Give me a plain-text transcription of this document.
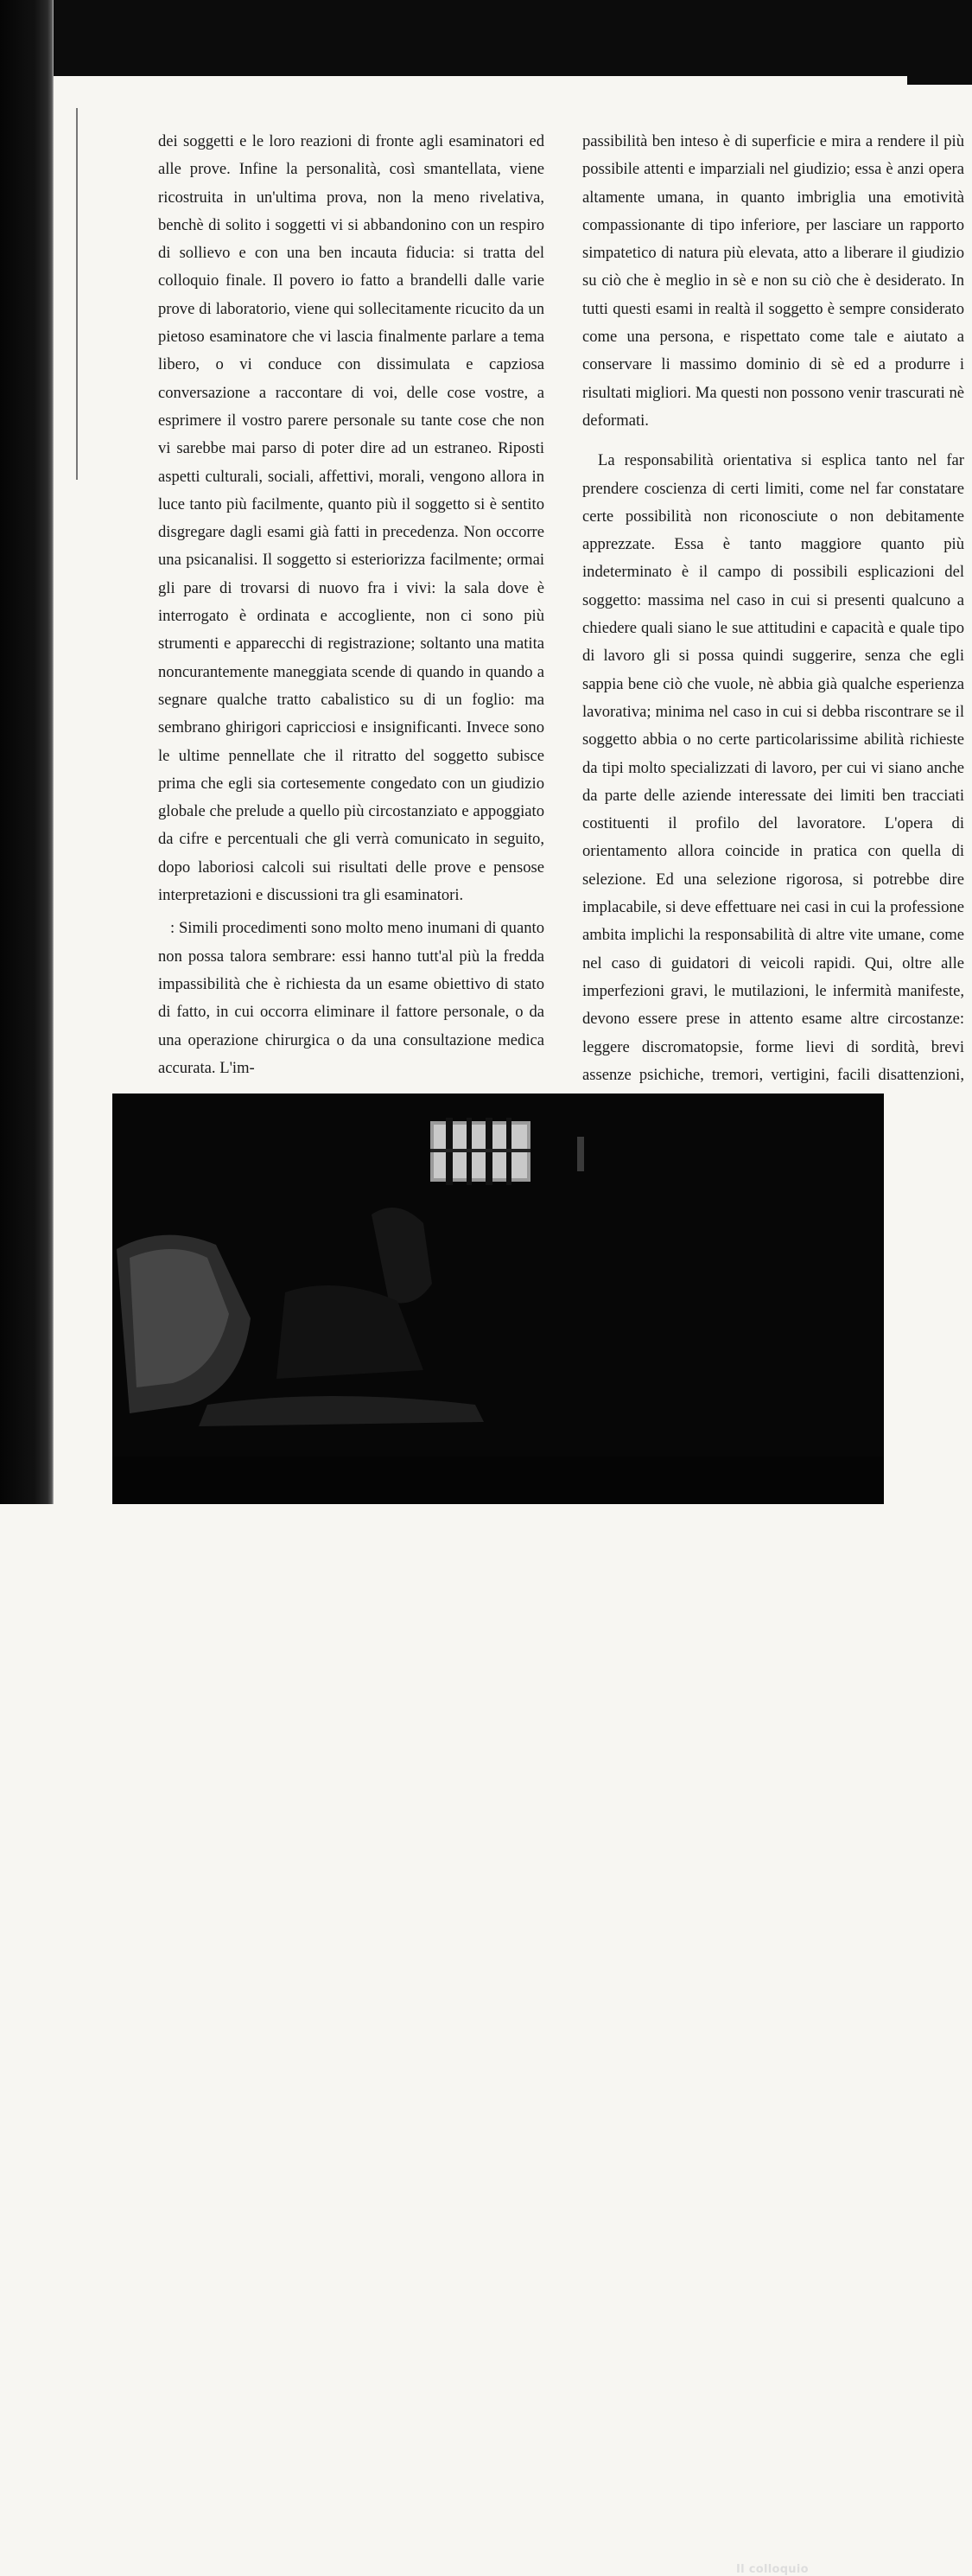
dei soggetti e le loro reazioni di fronte agli esaminatori ed alle prove. Infine la personalità, così smantellata, viene ricostruita in un'ultima prova, non la meno rivelativa, benchè di solito i soggetti vi si abbandonino con un respiro di sollievo e con una ben incauta fiducia: si tratta del colloquio finale. Il povero io fatto a brandelli dalle varie prove di laboratorio, viene qui sollecitamente ricucito da un pietoso esaminatore che vi lascia finalmente parlare a tema libero, o vi conduce con dissimulata e capziosa conversazione a raccontare di voi, delle cose vostre, a esprimere il vostro parere personale su tante cose che non vi sarebbe mai parso di poter dire ad un estraneo. Riposti aspetti culturali, sociali, affettivi, morali, vengono allora in luce tanto più facilmente, quanto più il soggetto si è sentito disgregare dagli esami già fatti in precedenza. Non occorre una psicanalisi. Il soggetto si esteriorizza facilmente; ormai gli pare di trovarsi di nuovo fra i vivi: la sala dove è interrogato è ordinata e accogliente, non ci sono più strumenti e apparecchi di registrazione; soltanto una matita noncurantemente maneggiata scende di quando in quando a segnare qualche tratto cabalistico su di un foglio: ma sembrano ghirigori capricciosi e insignificanti. Invece sono le ultime pennellate che il ritratto del soggetto subisce prima che egli sia cortesemente congedato con un giudizio globale che prelude a quello più circostanziato e appoggiato da cifre e percentuali che gli verrà comunicato in seguito, dopo laboriosi calcoli sui risultati delle prove e pensose interpretazioni e discussioni tra gli esaminatori.

: Simili procedimenti sono molto meno inumani di quanto non possa talora sembrare: essi hanno tutt'al più la fredda impassibilità che è richiesta da un esame obiettivo di stato di fatto, in cui occorra eliminare il fattore personale, o da una operazione chirurgica o da una consultazione medica accurata. L'im-

passibilità ben inteso è di superficie e mira a rendere il più possibile attenti e imparziali nel giudizio; essa è anzi opera altamente umana, in quanto imbriglia una emotività compassionante di tipo inferiore, per lasciare un rapporto simpatetico di natura più elevata, atto a liberare il giudizio su ciò che è meglio in sè e non su ciò che è desiderato. In tutti questi esami in realtà il soggetto è sempre considerato come una persona, e rispettato come tale e aiutato a conservare li massimo dominio di sè ed a produrre i risultati migliori. Ma questi non possono venir trascurati nè deformati.

La responsabilità orientativa si esplica tanto nel far prendere coscienza di certi limiti, come nel far constatare certe possibilità non riconosciute o non debitamente apprezzate. Essa è tanto maggiore quanto più indeterminato è il campo di possibili esplicazioni del soggetto: massima nel caso in cui si presenti qualcuno a chiedere quali siano le sue attitudini e capacità e quale tipo di lavoro gli si possa quindi suggerire, senza che egli sappia bene ciò che vuole, nè abbia già qualche esperienza lavorativa; minima nel caso in cui si debba riscontrare se il soggetto abbia o no certe particolarissime abilità richieste da tipi molto specializzati di lavoro, per cui vi siano anche da parte delle aziende interessate dei limiti ben tracciati costituenti il profilo del lavoratore. L'opera di orientamento allora coincide in pratica con quella di selezione. Ed una selezione rigorosa, si potrebbe dire implacabile, si deve effettuare nei casi in cui la professione ambita implichi la responsabilità di altre vite umane, come nel caso di guidatori di veicoli rapidi. Qui, oltre alle imperfezioni gravi, le mutilazioni, le infermità manifeste, devono essere prese in attento esame altre circostanze: leggere discromatopsie, forme lievi di sordità, brevi assenze psichiche, tremori, vertigini, facili disattenzioni,

Il colloquio
